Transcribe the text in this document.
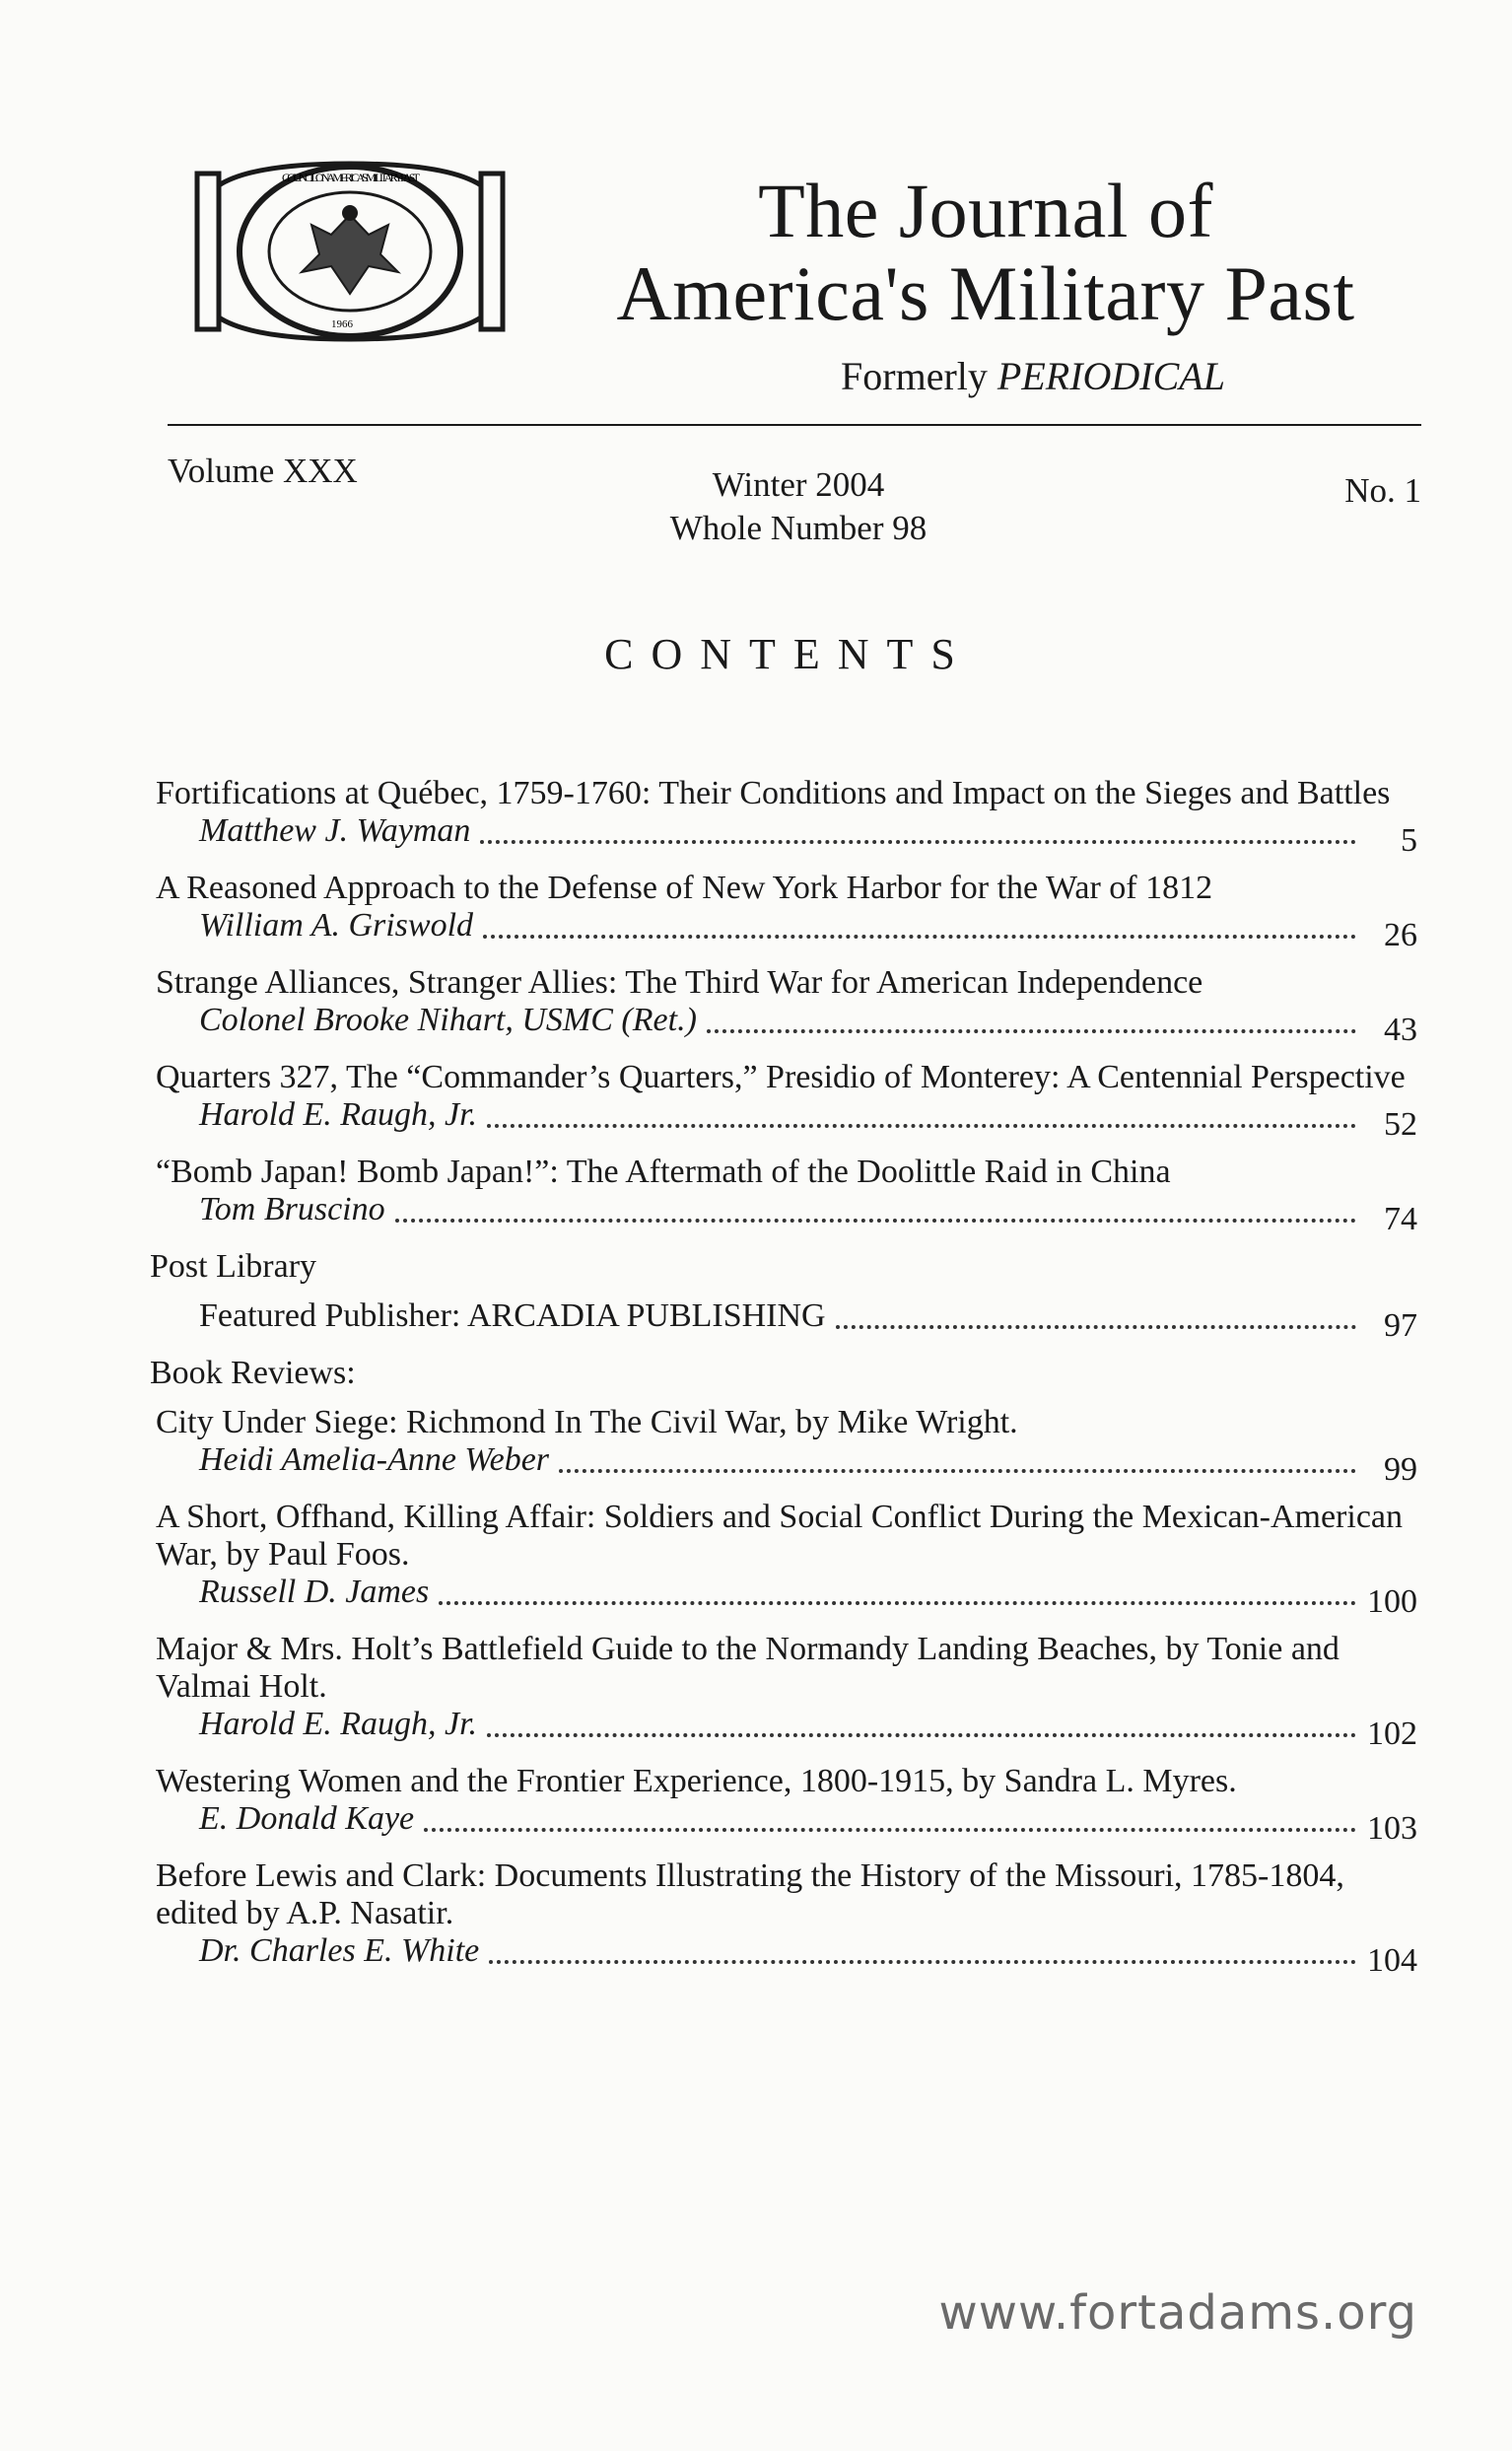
1966
COUNCIL ON AMERICA'S MILITARY PAST	The Journal of
America's Military Past
Formerly PERIODICAL
Volume XXX	Winter 2004
Whole Number 98
No. 1
CONTENTS
Fortifications at Québec, 1759-1760: Their Conditions and Impact on the Sieges and Battles
Matthew J. Wayman	5
A Reasoned Approach to the Defense of New York Harbor for the War of 1812
William A. Griswold	26
Strange Alliances, Stranger Allies: The Third War for American Independence
Colonel Brooke Nihart, USMC (Ret.)	43
Quarters 327, The “Commander’s Quarters,” Presidio of Monterey: A Centennial Perspective
Harold E. Raugh, Jr.	52
“Bomb Japan! Bomb Japan!”: The Aftermath of the Doolittle Raid in China
Tom Bruscino	74
Post Library
Featured Publisher: ARCADIA PUBLISHING	97
Book Reviews:
City Under Siege: Richmond In The Civil War, by Mike Wright.
Heidi Amelia-Anne Weber	99
A Short, Offhand, Killing Affair: Soldiers and Social Conflict During the Mexican-American War, by Paul Foos.
Russell D. James	100
Major & Mrs. Holt’s Battlefield Guide to the Normandy Landing Beaches, by Tonie and Valmai Holt.
Harold E. Raugh, Jr.	102
Westering Women and the Frontier Experience, 1800-1915, by Sandra L. Myres.
E. Donald Kaye	103
Before Lewis and Clark: Documents Illustrating the History of the Missouri, 1785-1804, edited by A.P. Nasatir.
Dr. Charles E. White	104
www.fortadams.org
